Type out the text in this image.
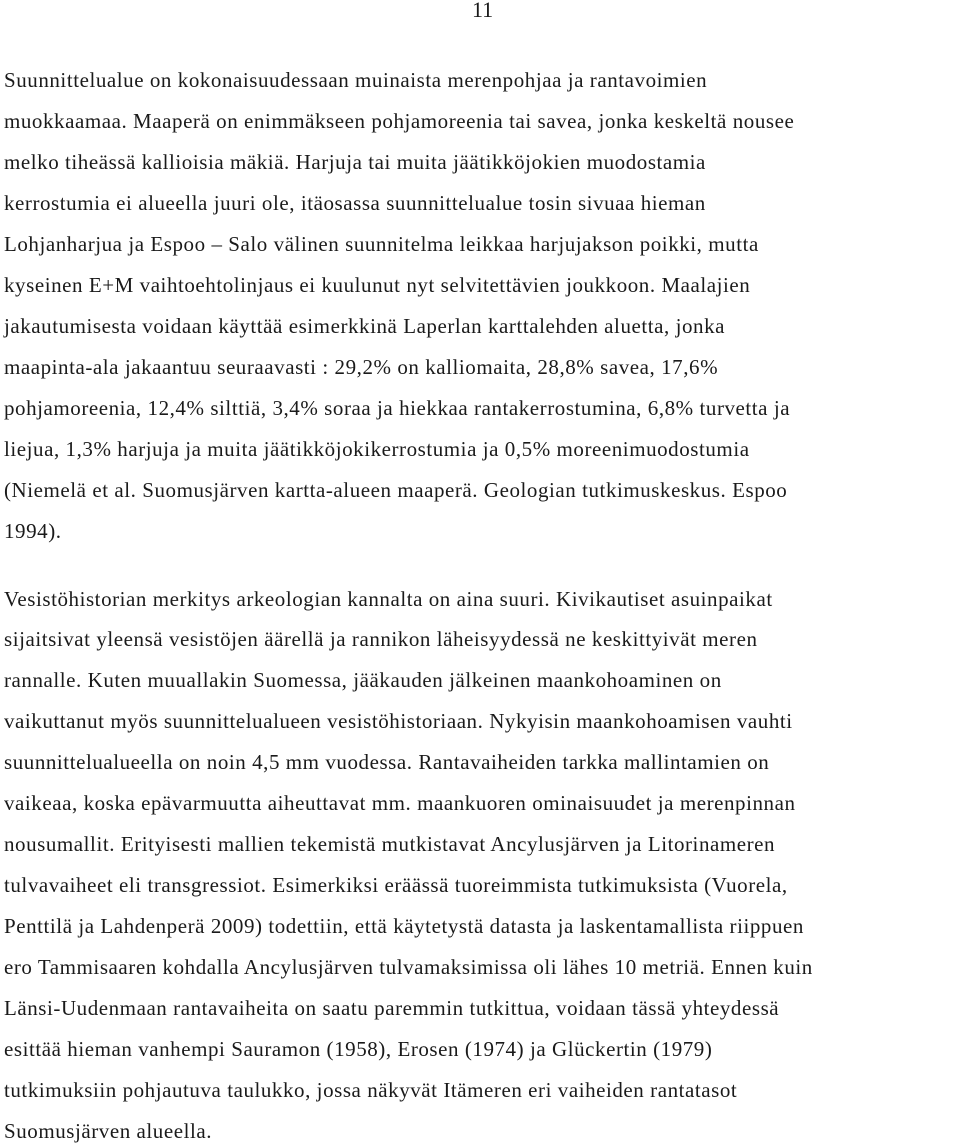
11
Suunnittelualue on kokonaisuudessaan muinaista merenpohjaa ja rantavoimien
muokkaamaa. Maaperä on enimmäkseen pohjamoreenia tai savea, jonka keskeltä nousee
melko tiheässä kallioisia mäkiä. Harjuja tai muita jäätikköjokien muodostamia
kerrostumia ei alueella juuri ole, itäosassa suunnittelualue tosin sivuaa hieman
Lohjanharjua ja Espoo – Salo välinen suunnitelma leikkaa harjujakson poikki, mutta
kyseinen E+M vaihtoehtolinjaus ei kuulunut nyt selvitettävien joukkoon. Maalajien
jakautumisesta voidaan käyttää esimerkkinä Laperlan karttalehden aluetta, jonka
maapinta-ala jakaantuu seuraavasti : 29,2% on kalliomaita, 28,8% savea, 17,6%
pohjamoreenia, 12,4% silttiä, 3,4% soraa ja hiekkaa rantakerrostumina, 6,8% turvetta ja
liejua, 1,3% harjuja ja muita jäätikköjokikerrostumia ja 0,5% moreenimuodostumia
(Niemelä et al. Suomusjärven kartta-alueen maaperä. Geologian tutkimuskeskus. Espoo
1994).
Vesistöhistorian merkitys arkeologian kannalta on aina suuri. Kivikautiset asuinpaikat
sijaitsivat yleensä vesistöjen äärellä ja rannikon läheisyydessä ne keskittyivät meren
rannalle. Kuten muuallakin Suomessa, jääkauden jälkeinen maankohoaminen on
vaikuttanut myös suunnittelualueen vesistöhistoriaan. Nykyisin maankohoamisen vauhti
suunnittelualueella on noin 4,5 mm vuodessa. Rantavaiheiden tarkka mallintamien on
vaikeaa, koska epävarmuutta aiheuttavat mm. maankuoren ominaisuudet ja merenpinnan
nousumallit. Erityisesti mallien tekemistä mutkistavat Ancylusjärven ja Litorinameren
tulvavaiheet eli transgressiot. Esimerkiksi eräässä tuoreimmista tutkimuksista (Vuorela,
Penttilä ja Lahdenperä 2009) todettiin, että käytetystä datasta ja laskentamallista riippuen
ero Tammisaaren kohdalla Ancylusjärven tulvamaksimissa oli lähes 10 metriä. Ennen kuin
Länsi-Uudenmaan rantavaiheita on saatu paremmin tutkittua, voidaan tässä yhteydessä
esittää hieman vanhempi Sauramon (1958), Erosen (1974) ja Glückertin (1979)
tutkimuksiin pohjautuva taulukko, jossa näkyvät Itämeren eri vaiheiden rantatasot
Suomusjärven alueella.
